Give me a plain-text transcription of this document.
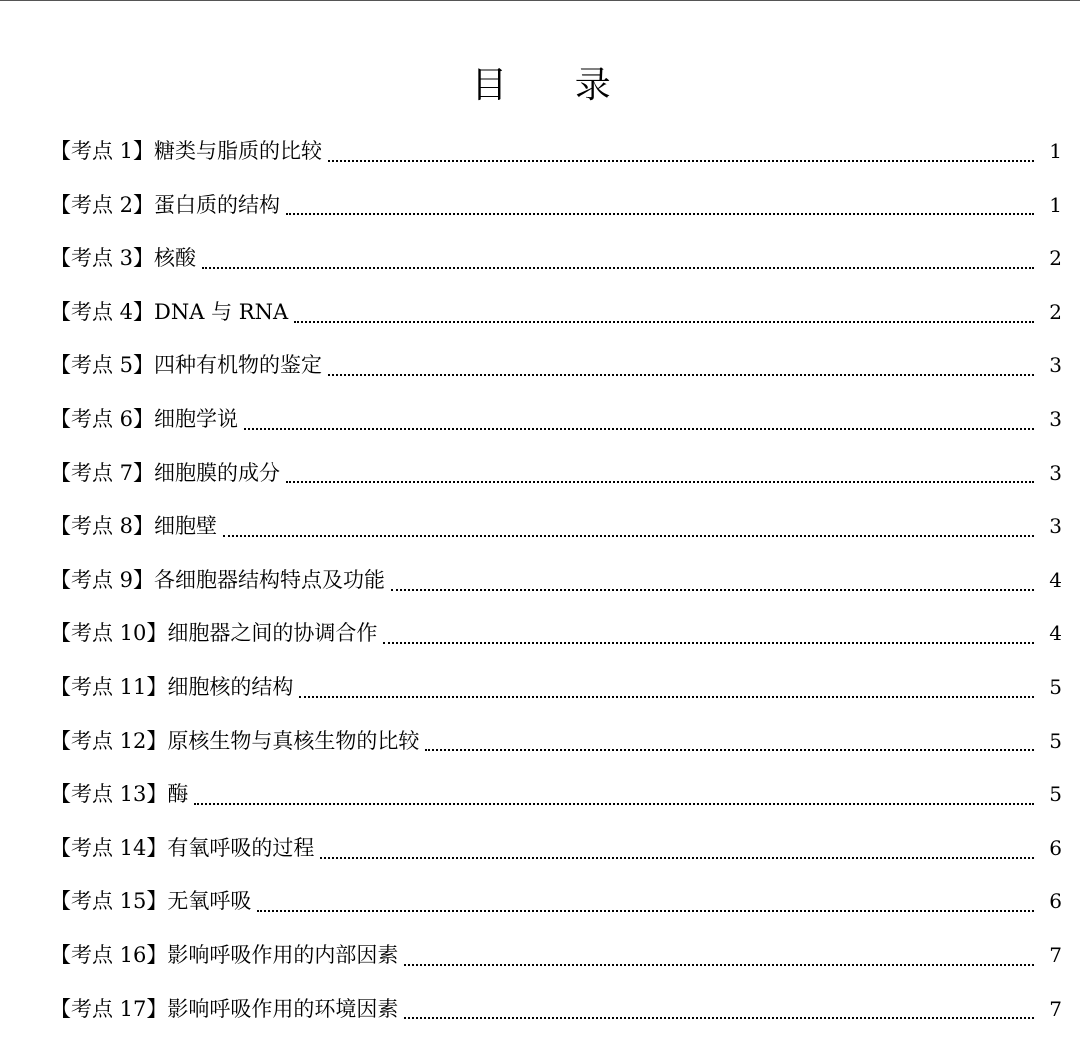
目 录
【考点 1】 糖类与脂质的比较	1
【考点 2】 蛋白质的结构	1
【考点 3】 核酸	2
【考点 4】 DNA 与 RNA	2
【考点 5】 四种有机物的鉴定	3
【考点 6】 细胞学说	3
【考点 7】 细胞膜的成分	3
【考点 8】 细胞壁	3
【考点 9】 各细胞器结构特点及功能	4
【考点 10】 细胞器之间的协调合作	4
【考点 11】 细胞核的结构	5
【考点 12】 原核生物与真核生物的比较	5
【考点 13】 酶	5
【考点 14】 有氧呼吸的过程	6
【考点 15】 无氧呼吸	6
【考点 16】 影响呼吸作用的内部因素	7
【考点 17】 影响呼吸作用的环境因素	7
